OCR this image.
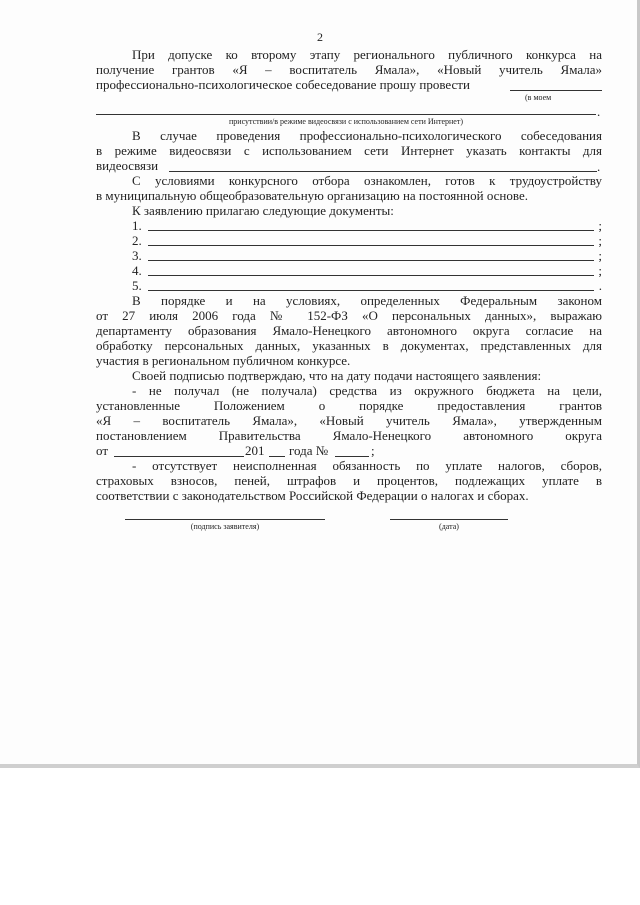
2
При допуске ко второму этапу регионального публичного конкурса на
получение грантов «Я – воспитатель Ямала», «Новый учитель Ямала»
профессионально-психологическое собеседование прошу провести
(в моем
.
присутствии/в режиме видеосвязи с использованием сети Интернет)
В случае проведения профессионально-психологического собеседования
в режиме видеосвязи с использованием сети Интернет указать контакты для
видеосвязи	.
С условиями конкурсного отбора ознакомлен, готов к трудоустройству
в муниципальную общеобразовательную организацию на постоянной основе.
К заявлению прилагаю следующие документы:
1.	;
2.	;
3.	;
4.	;
5.	.
В порядке и на условиях, определенных Федеральным законом
от 27 июля 2006 года № 152-ФЗ «О персональных данных», выражаю
департаменту образования Ямало-Ненецкого автономного округа согласие на
обработку персональных данных, указанных в документах, представленных для
участия в региональном публичном конкурсе.
Своей подписью подтверждаю, что на дату подачи настоящего заявления:
- не получал (не получала) средства из окружного бюджета на цели,
установленные Положением о порядке предоставления грантов
«Я – воспитатель Ямала», «Новый учитель Ямала», утвержденным
постановлением Правительства Ямало-Ненецкого автономного округа
от	201 года №	;
- отсутствует неисполненная обязанность по уплате налогов, сборов,
страховых взносов, пеней, штрафов и процентов, подлежащих уплате в
соответствии с законодательством Российской Федерации о налогах и сборах.
(подпись заявителя)	(дата)
